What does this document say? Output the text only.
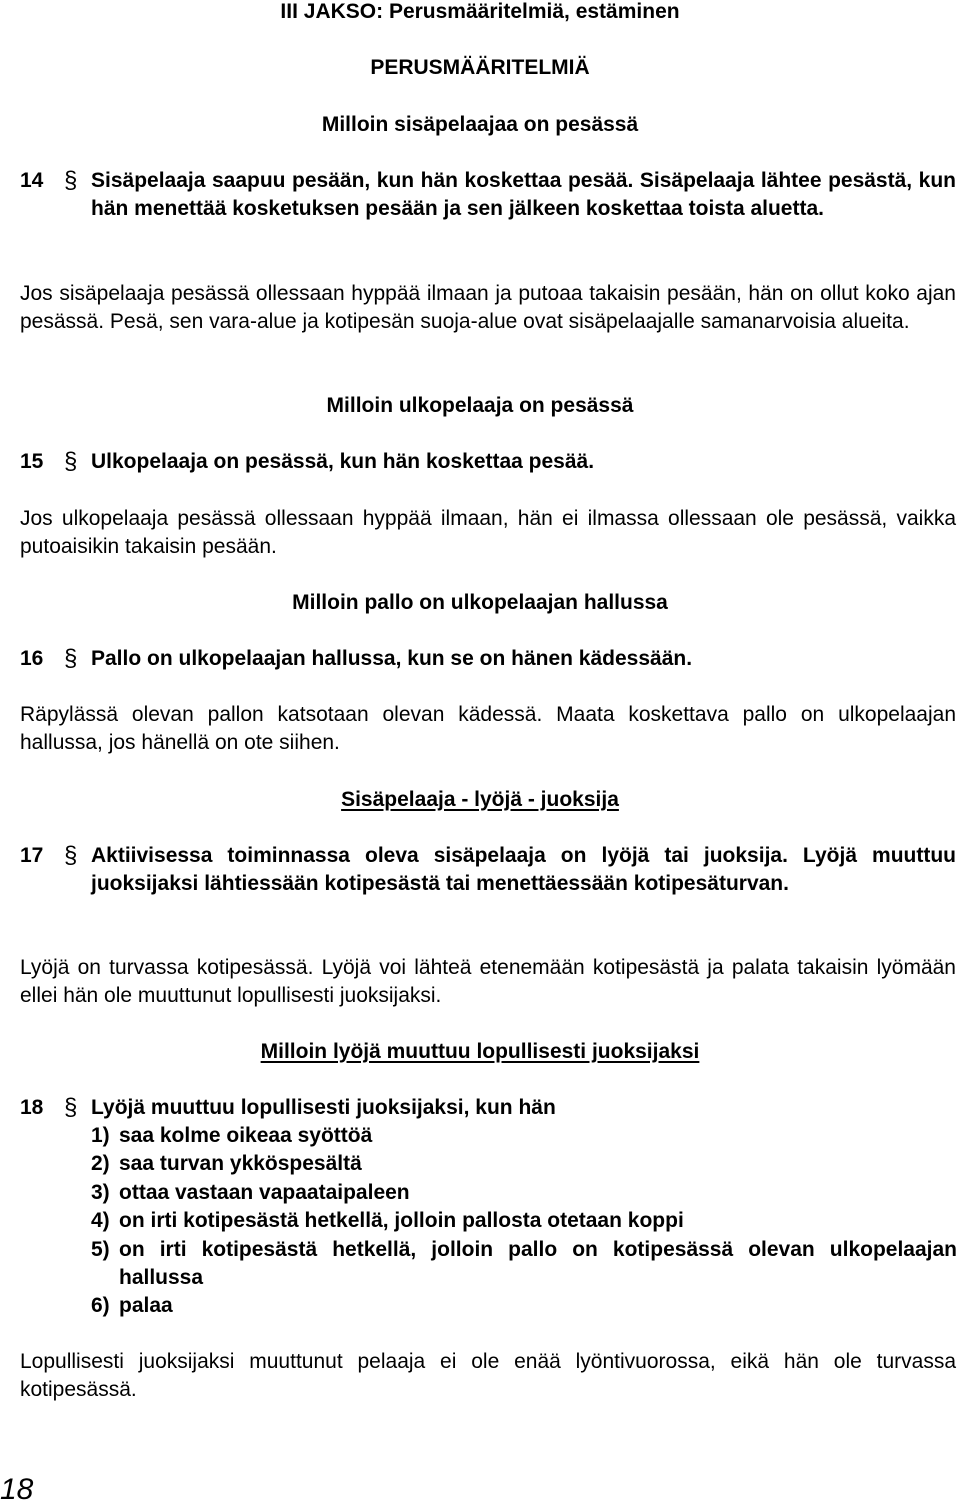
III JAKSO: Perusmääritelmiä, estäminen
PERUSMÄÄRITELMIÄ
Milloin sisäpelaajaa on pesässä
14 § Sisäpelaaja saapuu pesään, kun hän koskettaa pesää. Sisäpelaaja lähtee pesästä, kun hän menettää kosketuksen pesään ja sen jälkeen koskettaa toista aluetta.

Jos sisäpelaaja pesässä ollessaan hyppää ilmaan ja putoaa takaisin pesään, hän on ollut koko ajan pesässä. Pesä, sen vara-alue ja kotipesän suoja-alue ovat sisäpelaajalle samanarvoisia alueita.

Milloin ulkopelaaja on pesässä
15 § Ulkopelaaja on pesässä, kun hän koskettaa pesää.

Jos ulkopelaaja pesässä ollessaan hyppää ilmaan, hän ei ilmassa ollessaan ole pesässä, vaikka putoaisikin takaisin pesään.

Milloin pallo on ulkopelaajan hallussa
16 § Pallo on ulkopelaajan hallussa, kun se on hänen kädessään.

Räpylässä olevan pallon katsotaan olevan kädessä. Maata koskettava pallo on ulkopelaajan hallussa, jos hänellä on ote siihen.

Sisäpelaaja - lyöjä - juoksija
17 § Aktiivisessa toiminnassa oleva sisäpelaaja on lyöjä tai juoksija. Lyöjä muuttuu juoksijaksi lähtiessään kotipesästä tai menettäessään kotipesäturvan.

Lyöjä on turvassa kotipesässä. Lyöjä voi lähteä etenemään kotipesästä ja palata takaisin lyömään ellei hän ole muuttunut lopullisesti juoksijaksi.

Milloin lyöjä muuttuu lopullisesti juoksijaksi
18 § Lyöjä muuttuu lopullisesti juoksijaksi, kun hän

1) saa kolme oikeaa syöttöä
2) saa turvan ykköspesältä
3) ottaa vastaan vapaataipaleen
4) on irti kotipesästä hetkellä, jolloin pallosta otetaan koppi
5) on irti kotipesästä hetkellä, jolloin pallo on kotipesässä olevan ulkopelaajan hallussa
6) palaa

Lopullisesti juoksijaksi muuttunut pelaaja ei ole enää lyöntivuorossa, eikä hän ole turvassa kotipesässä.

18
